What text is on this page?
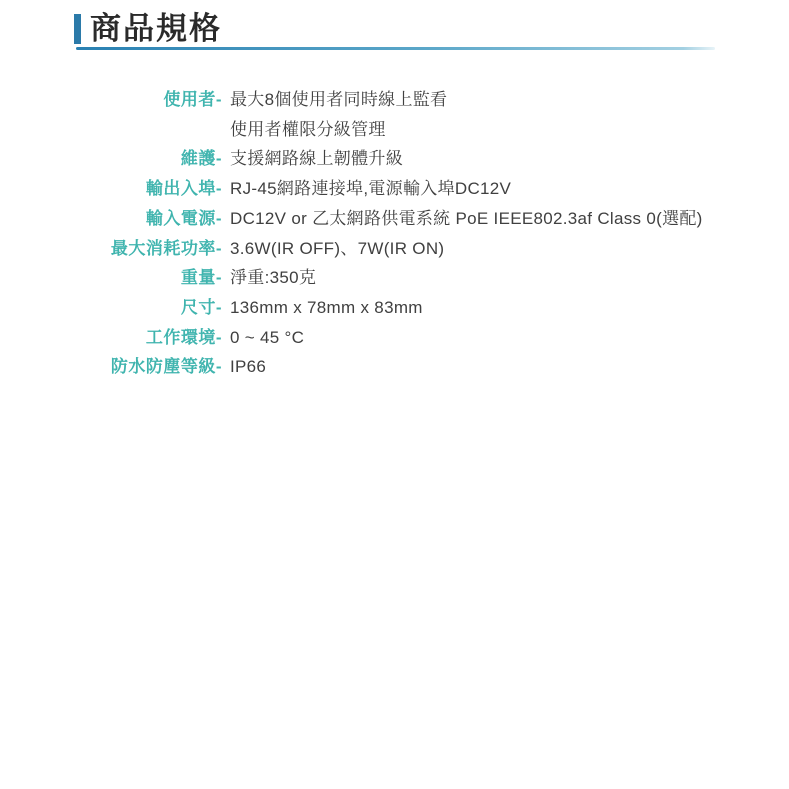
商品規格
使用者- 最大8個使用者同時線上監看
使用者權限分級管理
維護- 支援網路線上韌體升級
輸出入埠- RJ-45網路連接埠,電源輸入埠DC12V
輸入電源- DC12V or 乙太網路供電系統 PoE IEEE802.3af Class 0(選配)
最大消耗功率- 3.6W(IR OFF)、7W(IR ON)
重量- 淨重:350克
尺寸- 136mm x 78mm x 83mm
工作環境- 0 ~ 45 °C
防水防塵等級- IP66
